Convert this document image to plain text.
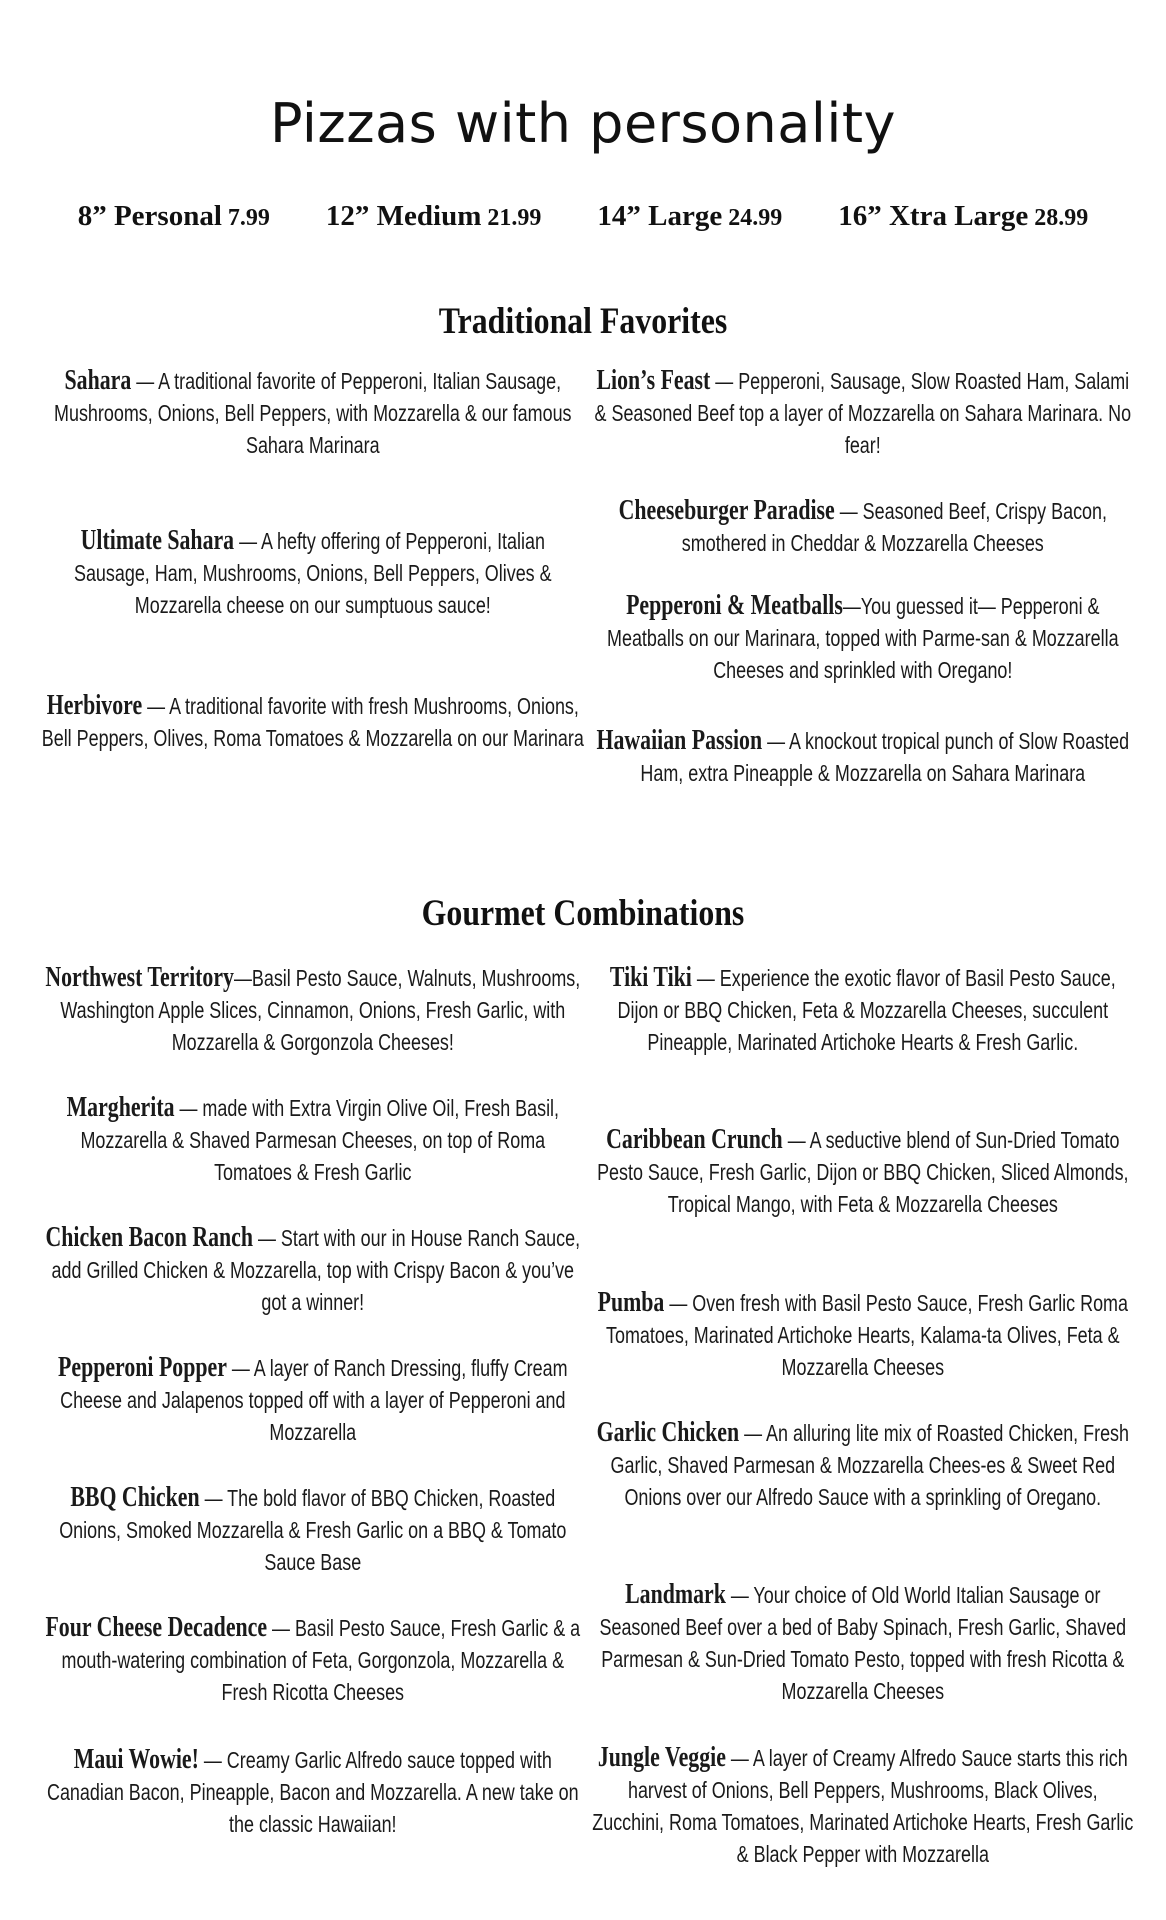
Pizzas with personality
8” Personal 7.99 12” Medium 21.99 14” Large 24.99 16” Xtra Large 28.99
Traditional Favorites
Sahara — A traditional favorite of Pepperoni, Italian Sausage, Mushrooms, Onions, Bell Peppers, with Mozzarella & our famous Sahara Marinara
Ultimate Sahara — A hefty offering of Pepperoni, Italian Sausage, Ham, Mushrooms, Onions, Bell Peppers, Olives & Mozzarella cheese on our sumptuous sauce!
Herbivore — A traditional favorite with fresh Mushrooms, Onions, Bell Peppers, Olives, Roma Tomatoes & Mozzarella on our Marinara
Lion’s Feast — Pepperoni, Sausage, Slow Roasted Ham, Salami & Seasoned Beef top a layer of Mozzarella on Sahara Marinara. No fear!
Cheeseburger Paradise — Seasoned Beef, Crispy Bacon, smothered in Cheddar & Mozzarella Cheeses
Pepperoni & Meatballs—You guessed it— Pepperoni & Meatballs on our Marinara, topped with Parme-san & Mozzarella Cheeses and sprinkled with Oregano!
Hawaiian Passion — A knockout tropical punch of Slow Roasted Ham, extra Pineapple & Mozzarella on Sahara Marinara
Gourmet Combinations
Northwest Territory—Basil Pesto Sauce, Walnuts, Mushrooms, Washington Apple Slices, Cinnamon, Onions, Fresh Garlic, with Mozzarella & Gorgonzola Cheeses!
Margherita — made with Extra Virgin Olive Oil, Fresh Basil, Mozzarella & Shaved Parmesan Cheeses, on top of Roma Tomatoes & Fresh Garlic
Chicken Bacon Ranch — Start with our in House Ranch Sauce, add Grilled Chicken & Mozzarella, top with Crispy Bacon & you’ve got a winner!
Pepperoni Popper — A layer of Ranch Dressing, fluffy Cream Cheese and Jalapenos topped off with a layer of Pepperoni and Mozzarella
BBQ Chicken — The bold flavor of BBQ Chicken, Roasted Onions, Smoked Mozzarella & Fresh Garlic on a BBQ & Tomato Sauce Base
Four Cheese Decadence — Basil Pesto Sauce, Fresh Garlic & a mouth-watering combination of Feta, Gorgonzola, Mozzarella & Fresh Ricotta Cheeses
Maui Wowie! — Creamy Garlic Alfredo sauce topped with Canadian Bacon, Pineapple, Bacon and Mozzarella. A new take on the classic Hawaiian!
Tiki Tiki — Experience the exotic flavor of Basil Pesto Sauce, Dijon or BBQ Chicken, Feta & Mozzarella Cheeses, succulent Pineapple, Marinated Artichoke Hearts & Fresh Garlic.
Caribbean Crunch — A seductive blend of Sun-Dried Tomato Pesto Sauce, Fresh Garlic, Dijon or BBQ Chicken, Sliced Almonds, Tropical Mango, with Feta & Mozzarella Cheeses
Pumba — Oven fresh with Basil Pesto Sauce, Fresh Garlic Roma Tomatoes, Marinated Artichoke Hearts, Kalama-ta Olives, Feta & Mozzarella Cheeses
Garlic Chicken — An alluring lite mix of Roasted Chicken, Fresh Garlic, Shaved Parmesan & Mozzarella Chees-es & Sweet Red Onions over our Alfredo Sauce with a sprinkling of Oregano.
Landmark — Your choice of Old World Italian Sausage or Seasoned Beef over a bed of Baby Spinach, Fresh Garlic, Shaved Parmesan & Sun-Dried Tomato Pesto, topped with fresh Ricotta & Mozzarella Cheeses
Jungle Veggie — A layer of Creamy Alfredo Sauce starts this rich harvest of Onions, Bell Peppers, Mushrooms, Black Olives, Zucchini, Roma Tomatoes, Marinated Artichoke Hearts, Fresh Garlic & Black Pepper with Mozzarella
